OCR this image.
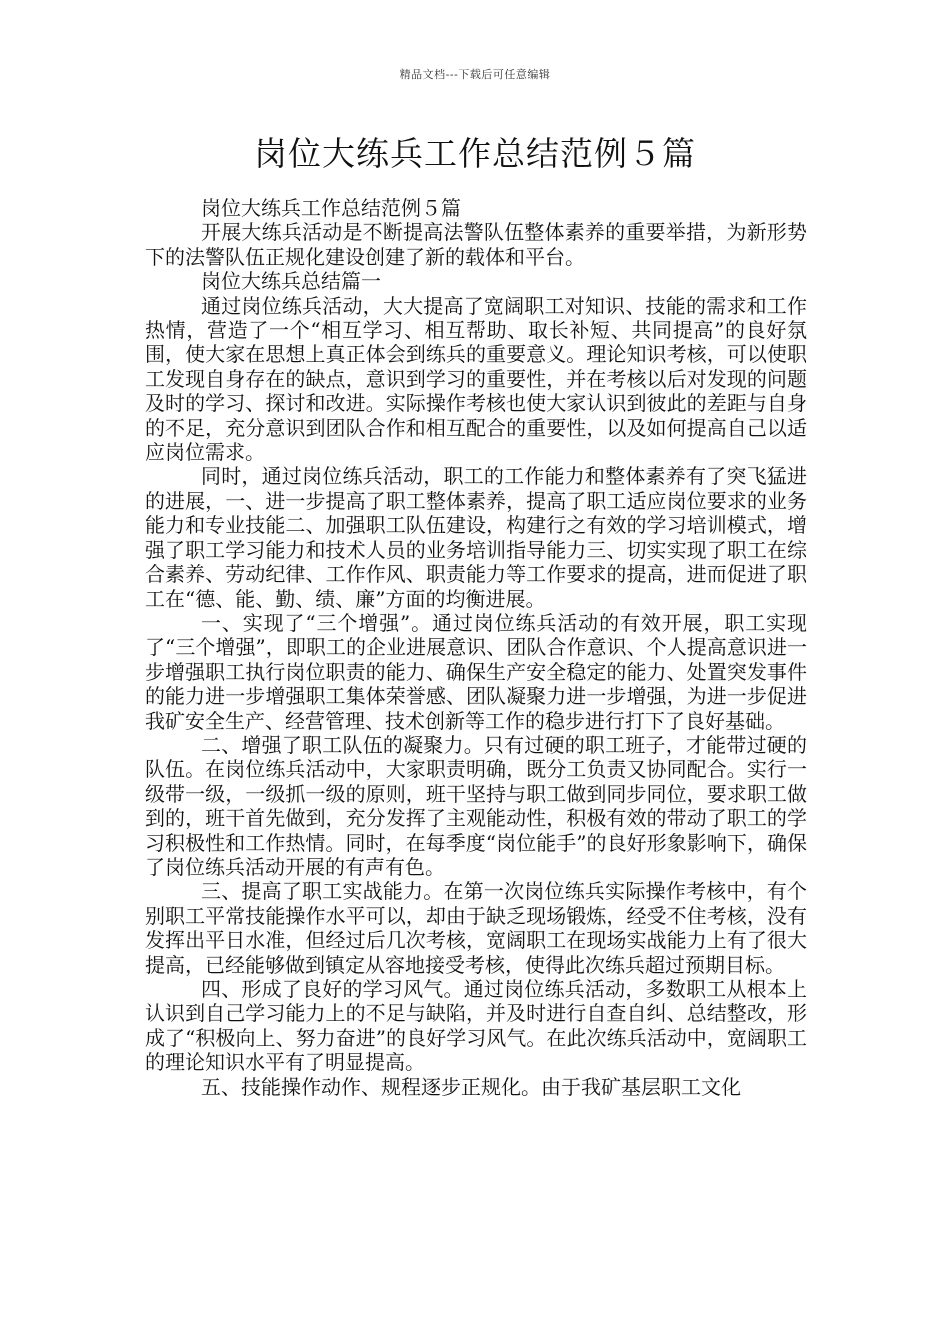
精品文档---下载后可任意编辑
岗位大练兵工作总结范例５篇

岗位大练兵工作总结范例５篇

开展大练兵活动是不断提高法警队伍整体素养的重要举措，为新形势下的法警队伍正规化建设创建了新的载体和平台。

岗位大练兵总结篇一

通过岗位练兵活动，大大提高了宽阔职工对知识、技能的需求和工作热情，营造了一个“相互学习、相互帮助、取长补短、共同提高”的良好氛围，使大家在思想上真正体会到练兵的重要意义。理论知识考核，可以使职工发现自身存在的缺点，意识到学习的重要性，并在考核以后对发现的问题及时的学习、探讨和改进。实际操作考核也使大家认识到彼此的差距与自身的不足，充分意识到团队合作和相互配合的重要性，以及如何提高自己以适应岗位需求。

同时，通过岗位练兵活动，职工的工作能力和整体素养有了突飞猛进的进展，一、进一步提高了职工整体素养，提高了职工适应岗位要求的业务能力和专业技能二、加强职工队伍建设，构建行之有效的学习培训模式，增强了职工学习能力和技术人员的业务培训指导能力三、切实实现了职工在综合素养、劳动纪律、工作作风、职责能力等工作要求的提高，进而促进了职工在“德、能、勤、绩、廉”方面的均衡进展。

一、实现了“三个增强”。通过岗位练兵活动的有效开展，职工实现了“三个增强”，即职工的企业进展意识、团队合作意识、个人提高意识进一步增强职工执行岗位职责的能力、确保生产安全稳定的能力、处置突发事件的能力进一步增强职工集体荣誉感、团队凝聚力进一步增强，为进一步促进我矿安全生产、经营管理、技术创新等工作的稳步进行打下了良好基础。

二、增强了职工队伍的凝聚力。只有过硬的职工班子，才能带过硬的队伍。在岗位练兵活动中，大家职责明确，既分工负责又协同配合。实行一级带一级，一级抓一级的原则，班干坚持与职工做到同步同位，要求职工做到的，班干首先做到，充分发挥了主观能动性，积极有效的带动了职工的学习积极性和工作热情。同时，在每季度“岗位能手”的良好形象影响下，确保了岗位练兵活动开展的有声有色。

三、提高了职工实战能力。在第一次岗位练兵实际操作考核中，有个别职工平常技能操作水平可以，却由于缺乏现场锻炼，经受不住考核，没有发挥出平日水准，但经过后几次考核，宽阔职工在现场实战能力上有了很大提高，已经能够做到镇定从容地接受考核，使得此次练兵超过预期目标。

四、形成了良好的学习风气。通过岗位练兵活动，多数职工从根本上认识到自己学习能力上的不足与缺陷，并及时进行自查自纠、总结整改，形成了“积极向上、努力奋进”的良好学习风气。在此次练兵活动中，宽阔职工的理论知识水平有了明显提高。

五、技能操作动作、规程逐步正规化。由于我矿基层职工文化
